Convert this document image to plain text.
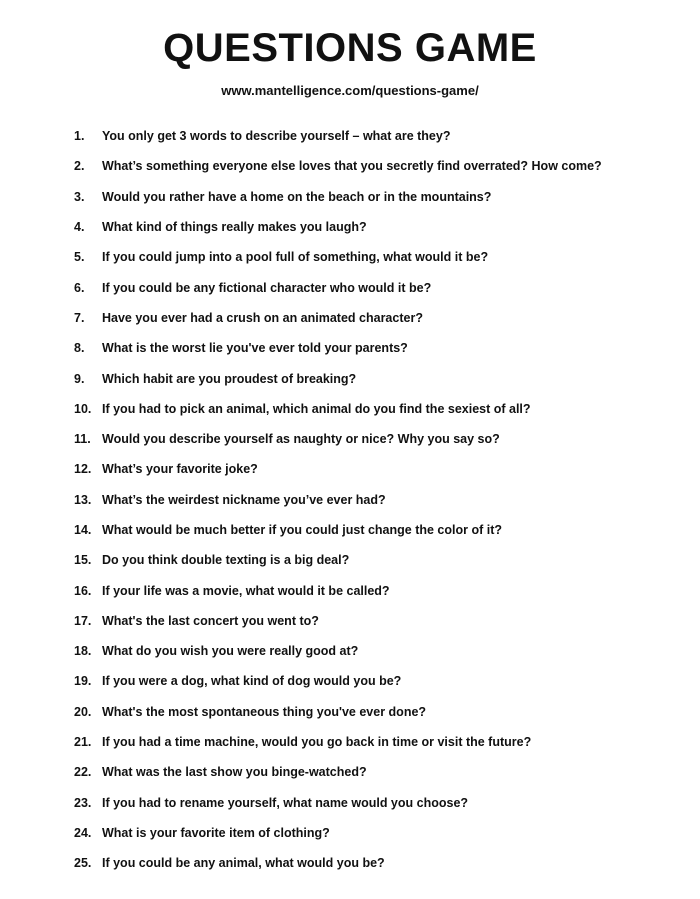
QUESTIONS GAME
www.mantelligence.com/questions-game/
1.	You only get 3 words to describe yourself – what are they?
2.	What’s something everyone else loves that you secretly find overrated? How come?
3.	Would you rather have a home on the beach or in the mountains?
4.	What kind of things really makes you laugh?
5.	If you could jump into a pool full of something, what would it be?
6.	If you could be any fictional character who would it be?
7.	Have you ever had a crush on an animated character?
8.	What is the worst lie you've ever told your parents?
9.	Which habit are you proudest of breaking?
10. If you had to pick an animal, which animal do you find the sexiest of all?
11. Would you describe yourself as naughty or nice? Why you say so?
12. What’s your favorite joke?
13. What’s the weirdest nickname you’ve ever had?
14. What would be much better if you could just change the color of it?
15. Do you think double texting is a big deal?
16. If your life was a movie, what would it be called?
17. What's the last concert you went to?
18. What do you wish you were really good at?
19. If you were a dog, what kind of dog would you be?
20. What's the most spontaneous thing you've ever done?
21. If you had a time machine, would you go back in time or visit the future?
22. What was the last show you binge-watched?
23. If you had to rename yourself, what name would you choose?
24. What is your favorite item of clothing?
25. If you could be any animal, what would you be?
